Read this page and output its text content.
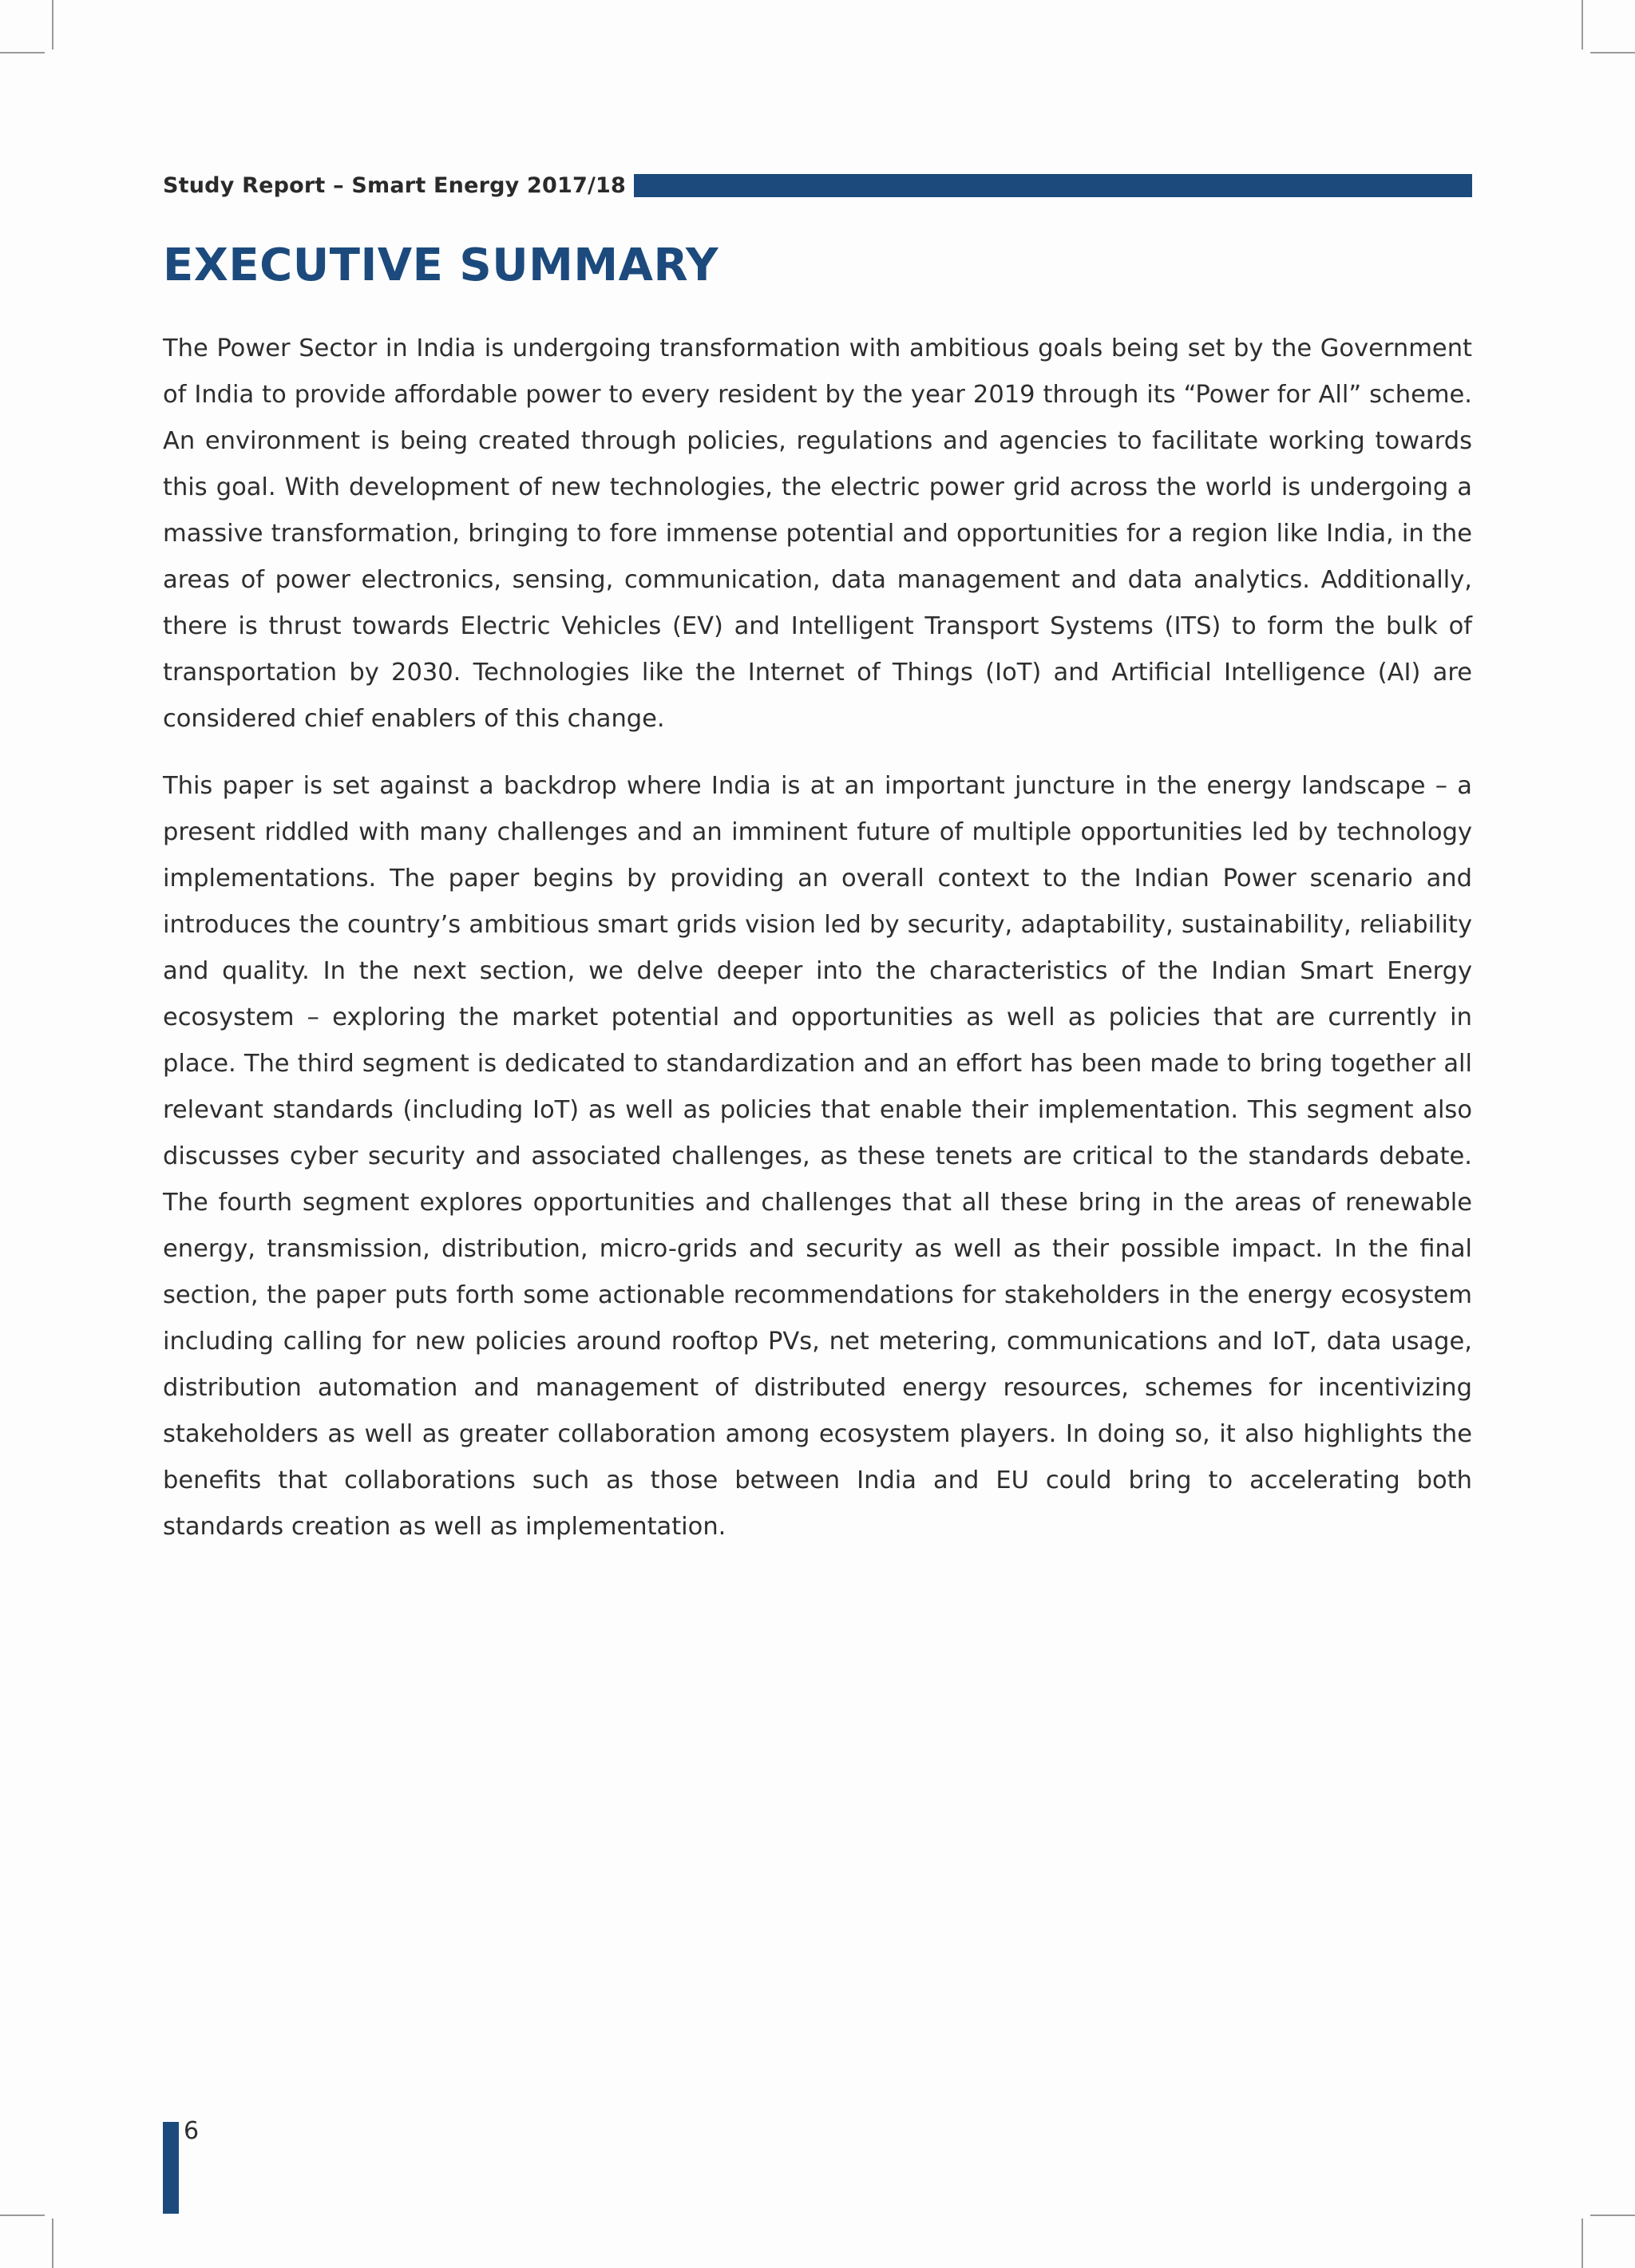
Study Report – Smart Energy 2017/18
EXECUTIVE SUMMARY

The Power Sector in India is undergoing transformation with ambitious goals being set by the Government of India to provide affordable power to every resident by the year 2019 through its “Power for All” scheme. An environment is being created through policies, regulations and agencies to facilitate working towards this goal. With development of new technologies, the electric power grid across the world is undergoing a massive transformation, bringing to fore immense potential and opportunities for a region like India, in the areas of power electronics, sensing, communication, data management and data analytics. Additionally, there is thrust towards Electric Vehicles (EV) and Intelligent Transport Systems (ITS) to form the bulk of transportation by 2030. Technologies like the Internet of Things (IoT) and Artificial Intelligence (AI) are considered chief enablers of this change.

This paper is set against a backdrop where India is at an important juncture in the energy landscape – a present riddled with many challenges and an imminent future of multiple opportunities led by technology implementations. The paper begins by providing an overall context to the Indian Power scenario and introduces the country’s ambitious smart grids vision led by security, adaptability, sustainability, reliability and quality. In the next section, we delve deeper into the characteristics of the Indian Smart Energy ecosystem – exploring the market potential and opportunities as well as policies that are currently in place. The third segment is dedicated to standardization and an effort has been made to bring together all relevant standards (including IoT) as well as policies that enable their implementation. This segment also discusses cyber security and associated challenges, as these tenets are critical to the standards debate. The fourth segment explores opportunities and challenges that all these bring in the areas of renewable energy, transmission, distribution, micro-grids and security as well as their possible impact. In the final section, the paper puts forth some actionable recommendations for stakeholders in the energy ecosystem including calling for new policies around rooftop PVs, net metering, communications and IoT, data usage, distribution automation and management of distributed energy resources, schemes for incentivizing stakeholders as well as greater collaboration among ecosystem players. In doing so, it also highlights the benefits that collaborations such as those between India and EU could bring to accelerating both standards creation as well as implementation.

6
